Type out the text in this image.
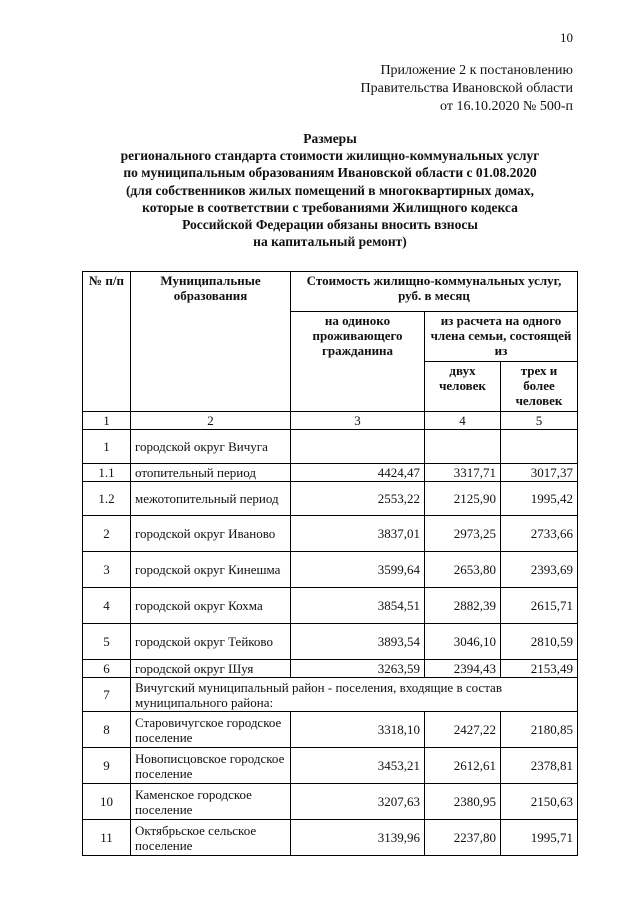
10
Приложение 2 к постановлению
Правительства Ивановской области
от 16.10.2020 № 500-п
Размеры
регионального стандарта стоимости жилищно-коммунальных услуг
по муниципальным образованиям Ивановской области с 01.08.2020
(для собственников жилых помещений в многоквартирных домах,
которые в соответствии с требованиями Жилищного кодекса
Российской Федерации обязаны вносить взносы
на капитальный ремонт)
№ п/п	Муниципальные образования	Стоимость жилищно-коммунальных услуг, руб. в месяц		
		на одиноко проживающего гражданина	из расчета на одного члена семьи, состоящей из	
			двух человек	трех и более человек
1	2	3	4	5
1	городской округ Вичуга			
1.1	отопительный период	4424,47	3317,71	3017,37
1.2	межотопительный период	2553,22	2125,90	1995,42
2	городской округ Иваново	3837,01	2973,25	2733,66
3	городской округ Кинешма	3599,64	2653,80	2393,69
4	городской округ Кохма	3854,51	2882,39	2615,71
5	городской округ Тейково	3893,54	3046,10	2810,59
6	городской округ Шуя	3263,59	2394,43	2153,49
7	Вичугский муниципальный район - поселения, входящие в состав муниципального района:			
8	Старовичугское городское поселение	3318,10	2427,22	2180,85
9	Новописцовское городское поселение	3453,21	2612,61	2378,81
10	Каменское городское поселение	3207,63	2380,95	2150,63
11	Октябрьское сельское поселение	3139,96	2237,80	1995,71
